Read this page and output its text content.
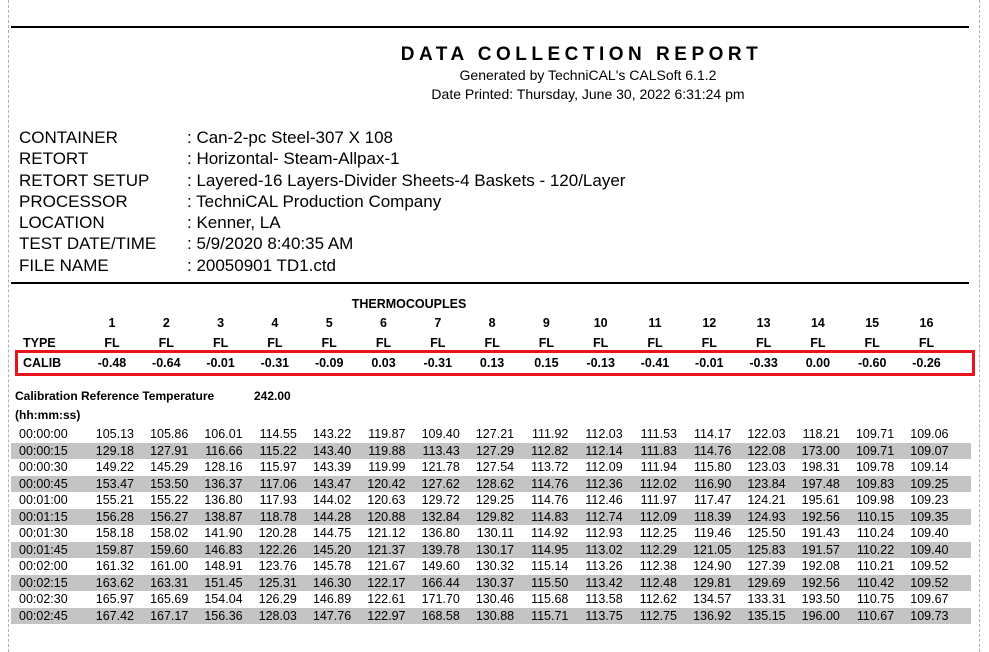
DATA COLLECTION REPORT
Generated by TechniCAL's CALSoft 6.1.2
Date Printed: Thursday, June 30, 2022 6:31:24 pm
CONTAINER	: Can-2-pc Steel-307 X 108
RETORT	: Horizontal- Steam-Allpax-1
RETORT SETUP : Layered-16 Layers-Divider Sheets-4 Baskets - 120/Layer
PROCESSOR	: TechniCAL Production Company
LOCATION	: Kenner, LA
TEST DATE/TIME : 5/9/2020 8:40:35 AM
FILE NAME	: 20050901 TD1.ctd
THERMOCOUPLES
1	2	3	4	5	6	7	8	9	10	11	12	13	14	15	16
TYPE	FL	FL	FL	FL	FL	FL	FL	FL	FL	FL	FL	FL	FL	FL	FL	FL
CALIB	-0.48	-0.64	-0.01	-0.31	-0.09	0.03	-0.31	0.13	0.15	-0.13	-0.41	-0.01	-0.33	0.00	-0.60	-0.26
Calibration Reference Temperature	242.00
(hh:mm:ss)
00:00:00	105.13	105.86	106.01	114.55	143.22	119.87	109.40	127.21	111.92	112.03	111.53	114.17	122.03	118.21	109.71	109.06
00:00:15	129.18	127.91	116.66	115.22	143.40	119.88	113.43	127.29	112.82	112.14	111.83	114.76	122.08	173.00	109.71	109.07
00:00:30	149.22	145.29	128.16	115.97	143.39	119.99	121.78	127.54	113.72	112.09	111.94	115.80	123.03	198.31	109.78	109.14
00:00:45	153.47	153.50	136.37	117.06	143.47	120.42	127.62	128.62	114.76	112.36	112.02	116.90	123.84	197.48	109.83	109.25
00:01:00	155.21	155.22	136.80	117.93	144.02	120.63	129.72	129.25	114.76	112.46	111.97	117.47	124.21	195.61	109.98	109.23
00:01:15	156.28	156.27	138.87	118.78	144.28	120.88	132.84	129.82	114.83	112.74	112.09	118.39	124.93	192.56	110.15	109.35
00:01:30	158.18	158.02	141.90	120.28	144.75	121.12	136.80	130.11	114.92	112.93	112.25	119.46	125.50	191.43	110.24	109.40
00:01:45	159.87	159.60	146.83	122.26	145.20	121.37	139.78	130.17	114.95	113.02	112.29	121.05	125.83	191.57	110.22	109.40
00:02:00	161.32	161.00	148.91	123.76	145.78	121.67	149.60	130.32	115.14	113.26	112.38	124.90	127.39	192.08	110.21	109.52
00:02:15	163.62	163.31	151.45	125.31	146.30	122.17	166.44	130.37	115.50	113.42	112.48	129.81	129.69	192.56	110.42	109.52
00:02:30	165.97	165.69	154.04	126.29	146.89	122.61	171.70	130.46	115.68	113.58	112.62	134.57	133.31	193.50	110.75	109.67
00:02:45	167.42	167.17	156.36	128.03	147.76	122.97	168.58	130.88	115.71	113.75	112.75	136.92	135.15	196.00	110.67	109.73
